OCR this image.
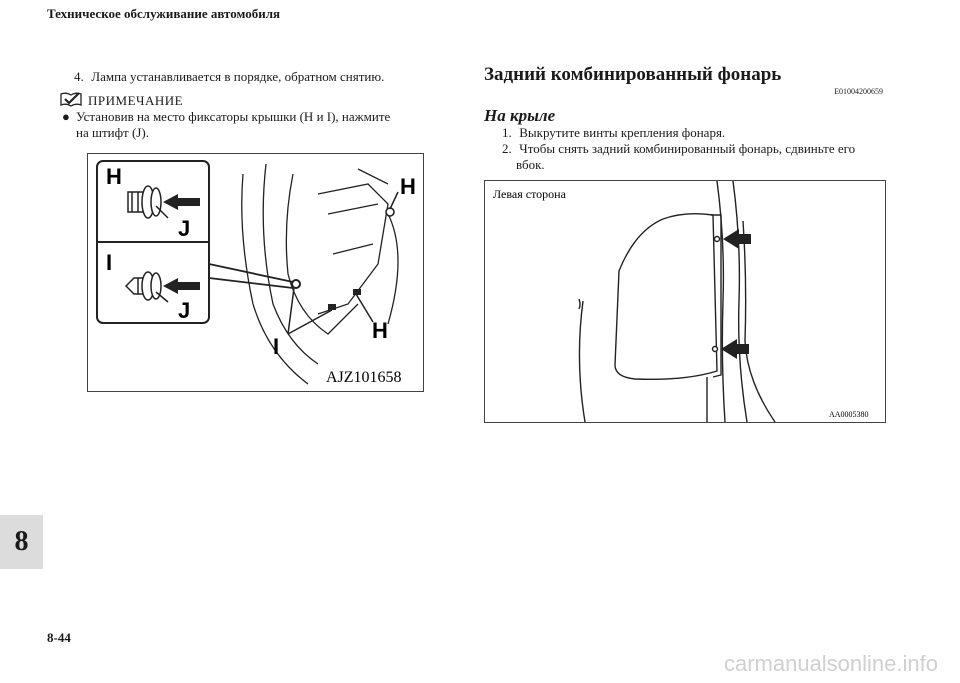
Техническое обслуживание автомобиля
4. Лампа устанавливается в порядке, обратном снятию.
ПРИМЕЧАНИЕ
● Установив на место фиксаторы крышки (H и I), нажмите
на штифт (J).
H
J
I
J
H
H
I
AJZ101658
Задний комбинированный фонарь
E01004200659
На крыле
1. Выкрутите винты крепления фонаря.
2. Чтобы снять задний комбинированный фонарь, сдвиньте его
вбок.
Левая сторона
AA0005380
8
8-44
carmanualsonline.info
